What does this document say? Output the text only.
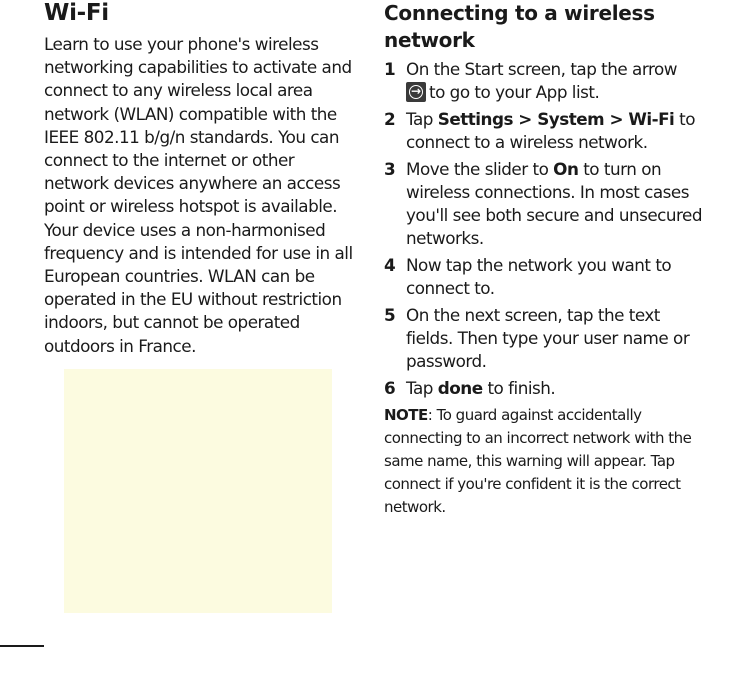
Wi-Fi
Learn to use your phone's wireless networking capabilities to activate and connect to any wireless local area network (WLAN) compatible with the IEEE 802.11 b/g/n standards. You can connect to the internet or other network devices anywhere an access point or wireless hotspot is available. Your device uses a non-harmonised frequency and is intended for use in all European countries. WLAN can be operated in the EU without restriction indoors, but cannot be operated outdoors in France.
Connecting to a wireless network
1 On the Start screen, tap the arrow
→to go to your App list.
2 Tap Settings > System > Wi-Fi to connect to a wireless network.
3 Move the slider to On to turn on wireless connections. In most cases you'll see both secure and unsecured networks.
4 Now tap the network you want to connect to.
5 On the next screen, tap the text fields. Then type your user name or password.
6 Tap done to finish.
NOTE: To guard against accidentally connecting to an incorrect network with the same name, this warning will appear. Tap connect if you're confident it is the correct network.
